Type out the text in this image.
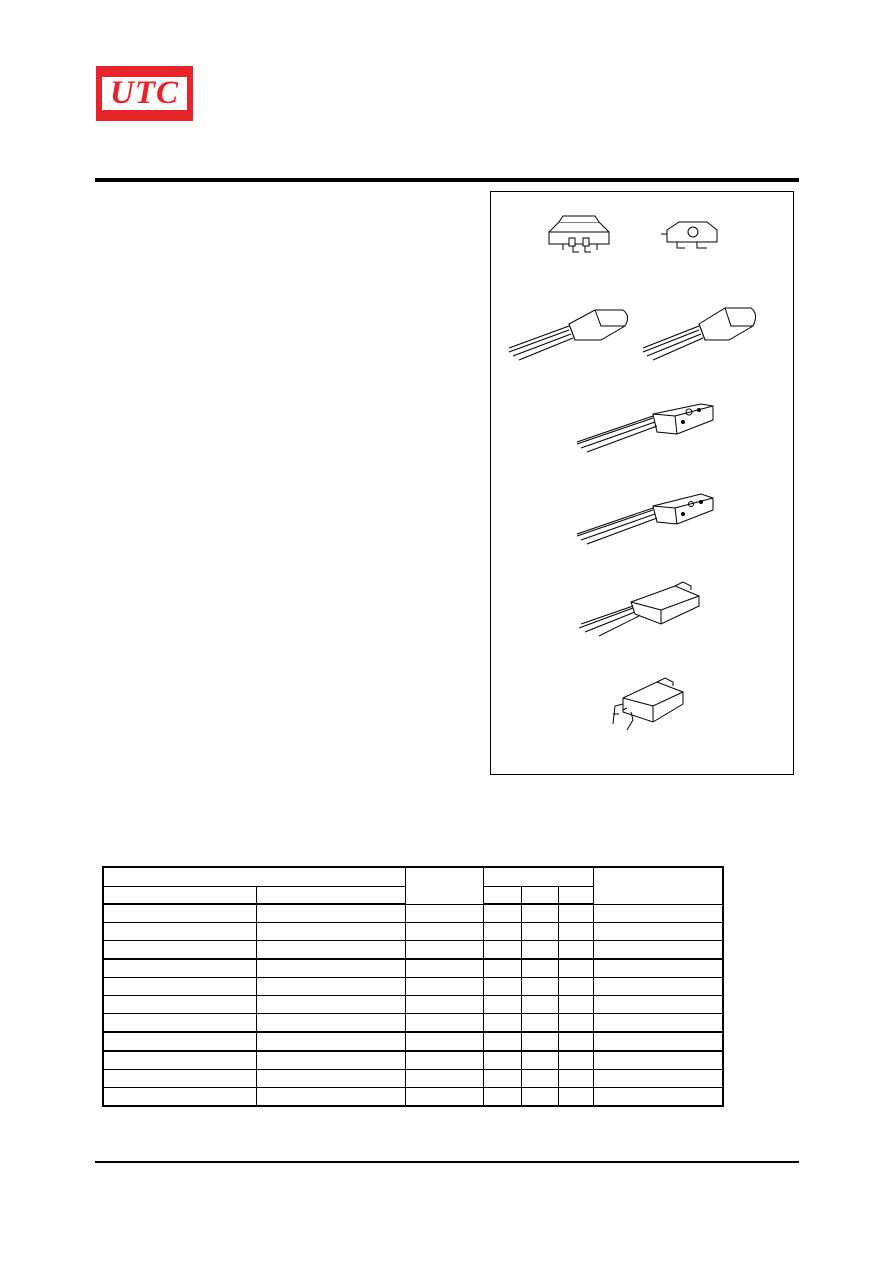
UTC
